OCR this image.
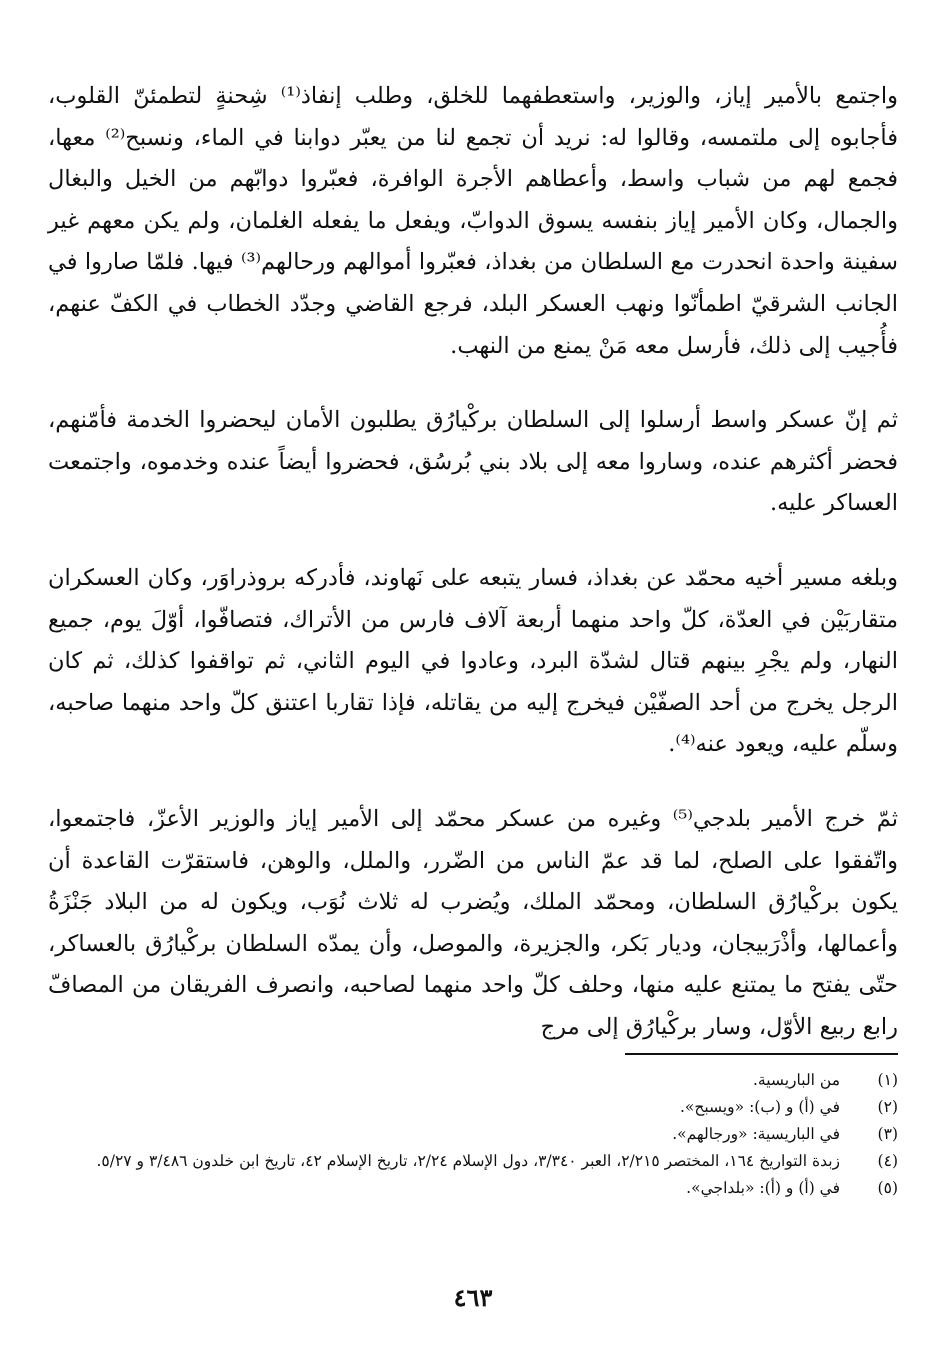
واجتمع بالأمير إياز، والوزير، واستعطفهما للخلق، وطلب إنفاذ⁽¹⁾ شِحنةٍ لتطمئنّ القلوب، فأجابوه إلى ملتمسه، وقالوا له: نريد أن تجمع لنا من يعبّر دوابنا في الماء، ونسبح⁽²⁾ معها، فجمع لهم من شباب واسط، وأعطاهم الأجرة الوافرة، فعبّروا دوابّهم من الخيل والبغال والجمال، وكان الأمير إياز بنفسه يسوق الدوابّ، ويفعل ما يفعله الغلمان، ولم يكن معهم غير سفينة واحدة انحدرت مع السلطان من بغداذ، فعبّروا أموالهم ورحالهم⁽³⁾ فيها. فلمّا صاروا في الجانب الشرقيّ اطمأنّوا ونهب العسكر البلد، فرجع القاضي وجدّد الخطاب في الكفّ عنهم، فأُجيب إلى ذلك، فأرسل معه مَنْ يمنع من النهب.

ثم إنّ عسكر واسط أرسلوا إلى السلطان بركْيارُق يطلبون الأمان ليحضروا الخدمة فأمّنهم، فحضر أكثرهم عنده، وساروا معه إلى بلاد بني بُرسُق، فحضروا أيضاً عنده وخدموه، واجتمعت العساكر عليه.

وبلغه مسير أخيه محمّد عن بغداذ، فسار يتبعه على نَهاوند، فأدركه بروذراوَر، وكان العسكران متقاربَيْن في العدّة، كلّ واحد منهما أربعة آلاف فارس من الأتراك، فتصافّوا، أوّلَ يوم، جميع النهار، ولم يجْرِ بينهم قتال لشدّة البرد، وعادوا في اليوم الثاني، ثم تواقفوا كذلك، ثم كان الرجل يخرج من أحد الصفّيْن فيخرج إليه من يقاتله، فإذا تقاربا اعتنق كلّ واحد منهما صاحبه، وسلّم عليه، ويعود عنه⁽⁴⁾.

ثمّ خرج الأمير بلدجي⁽⁵⁾ وغيره من عسكر محمّد إلى الأمير إياز والوزير الأعزّ، فاجتمعوا، واتّفقوا على الصلح، لما قد عمّ الناس من الضّرر، والملل، والوهن، فاستقرّت القاعدة أن يكون بركْيارُق السلطان، ومحمّد الملك، ويُضرب له ثلاث نُوَب، ويكون له من البلاد جَنْزَةُ وأعمالها، وأذْرَبيجان، وديار بَكر، والجزيرة، والموصل، وأن يمدّه السلطان بركْيارُق بالعساكر، حتّى يفتح ما يمتنع عليه منها، وحلف كلّ واحد منهما لصاحبه، وانصرف الفريقان من المصافّ رابع ربيع الأوّل، وسار بركْيارُق إلى مرج

(١)
من الباريسية.
(٢)
في (أ) و (ب): «ويسبح».
(٣)
في الباريسية: «ورجالهم».
(٤)
زبدة التواريخ ١٦٤، المختصر ٢/٢١٥، العبر ٣/٣٤٠، دول الإسلام ٢/٢٤، تاريخ الإسلام ٤٢، تاريخ ابن خلدون ٣/٤٨٦ و ٥/٢٧.
(٥)
في (أ) و (أ): «بلداجي».
٤٦٣
